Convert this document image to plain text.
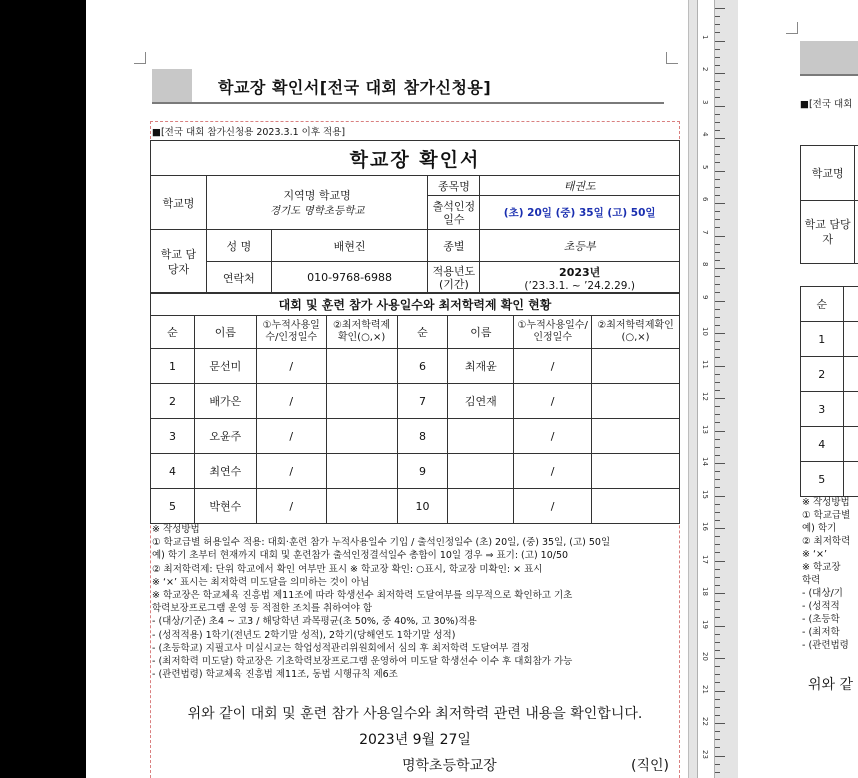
학교장 확인서[전국 대회 참가신청용]
■[전국 대회 참가신청용 2023.3.1 이후 적용]
학교장 확인서				
학교명	지역명 학교명
경기도 명학초등학교		종목명	태권도
			출석인정일수	(초) 20일 (중) 35일 (고) 50일
학교 담당자	성 명	배현진	종별	초등부
	연락처	010-9768-6988	적용년도(기간)	2023년
(’23.3.1. ~ ’24.2.29.)
대회 및 훈련 참가 사용일수와 최저학력제 확인 현황							
순	이름	①누적사용일수/인정일수	②최저학력제확인(○,×)	순	이름	①누적사용일수/인정일수	②최저학력제확인(○,×)
1	문선미	/		6	최재윤	/	
2	배가은	/		7	김연재	/	
3	오윤주	/		8		/	
4	최연수	/		9		/	
5	박현수	/		10		/	
※ 작성방법
① 학교급별 허용일수 적용: 대회·훈련 참가 누적사용일수 기입 / 출석인정일수 (초) 20일, (중) 35일, (고) 50일
예) 학기 초부터 현재까지 대회 및 훈련참가 출석인정결석일수 총합이 10일 경우 ⇒ 표기: (고) 10/50
② 최저학력제: 단위 학교에서 확인 여부만 표시 ※ 학교장 확인: ○표시, 학교장 미확인: × 표시
※ ‘×’ 표시는 최저학력 미도달을 의미하는 것이 아님
※ 학교장은 학교체육 진흥법 제11조에 따라 학생선수 최저학력 도달여부를 의무적으로 확인하고 기초
학력보장프로그램 운영 등 적절한 조치를 취하여야 함
- (대상/기준) 초4 ~ 고3 / 해당학년 과목평균(초 50%, 중 40%, 고 30%)적용
- (성적적용) 1학기(전년도 2학기말 성적), 2학기(당해연도 1학기말 성적)
- (초등학교) 지필고사 미실시교는 학업성적관리위원회에서 심의 후 최저학력 도달여부 결정
- (최저학력 미도달) 학교장은 기초학력보장프로그램 운영하여 미도달 학생선수 이수 후 대회참가 가능
- (관련법령) 학교체육 진흥법 제11조, 동법 시행규칙 제6조
위와 같이 대회 및 훈련 참가 사용일수와 최저학력 관련 내용을 확인합니다.
2023년 9월 27일
명학초등학교장	(직인)
1
2
3
4
5
6
7
8
9
10
11
12
13
14
15
16
17
18
19
20
21
22
23
■[전국 대회
학교명	
학교 담당자	
순	
1	
2	
3	
4	
5	
※ 작성방법
① 학교급별
예) 학기
② 최저학력
※ ‘×’
※ 학교장
학력
- (대상/기
- (성적적
- (초등학
- (최저학
- (관련법령
위와 같
